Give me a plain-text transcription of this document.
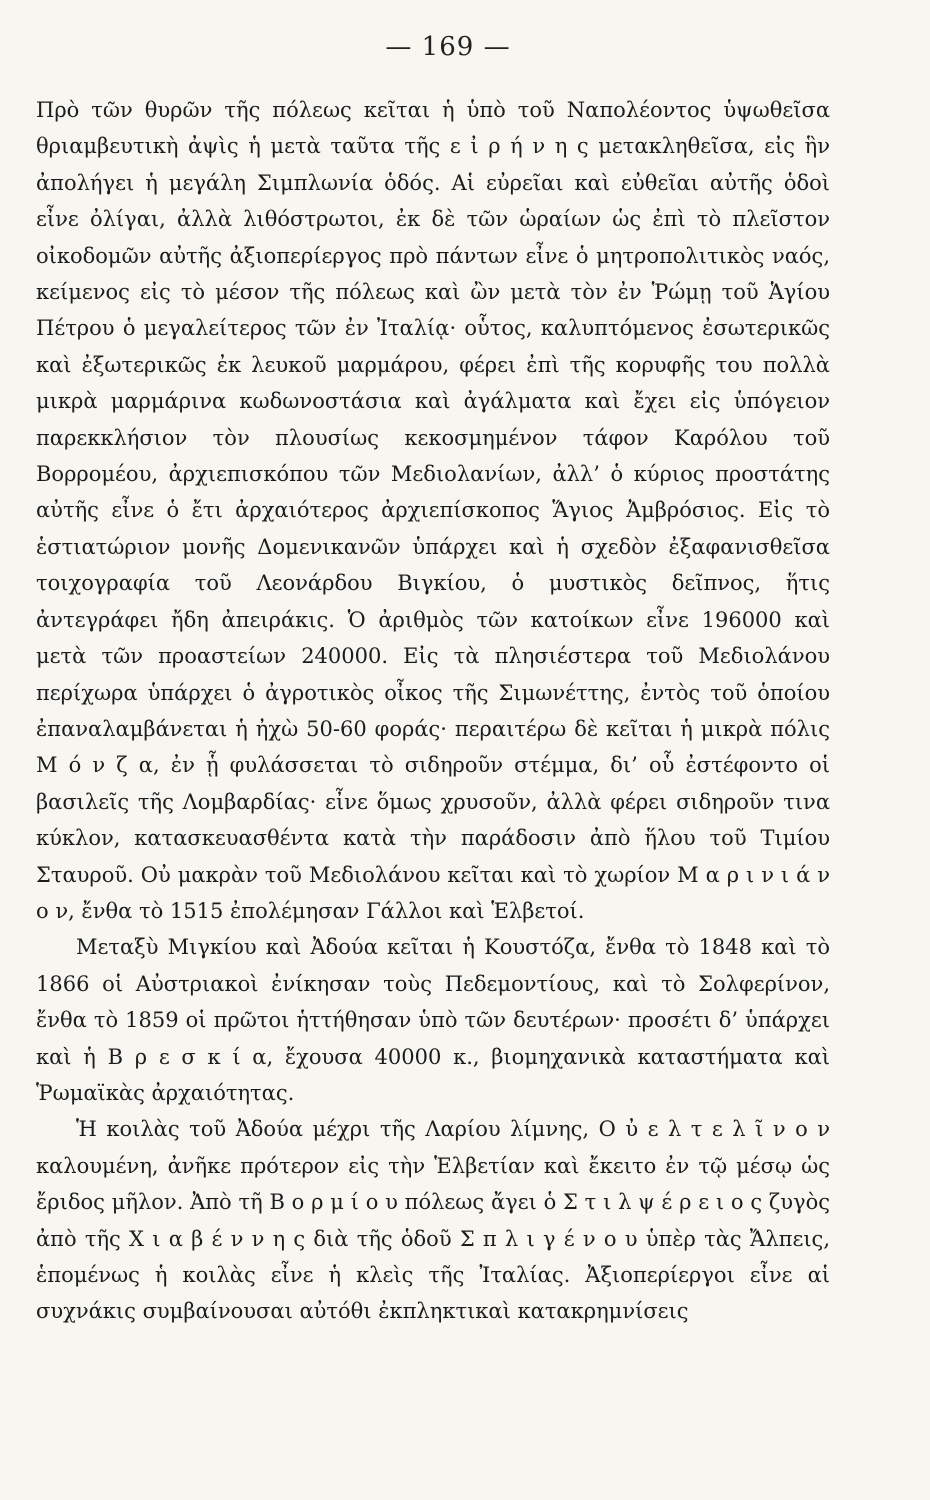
— 169 —

Πρὸ τῶν θυρῶν τῆς πόλεως κεῖται ἡ ὑπὸ τοῦ Ναπολέοντος ὑψωθεῖσα θριαμβευτικὴ ἀψὶς ἡ μετὰ ταῦτα τῆς ε ἰ ρ ή ν η ς μετακληθεῖσα, εἰς ἣν ἀπολήγει ἡ μεγάλη Σιμπλωνία ὁδός. Αἱ εὐρεῖαι καὶ εὐθεῖαι αὐτῆς ὁδοὶ εἶνε ὀλίγαι, ἀλλὰ λιθόστρωτοι, ἐκ δὲ τῶν ὡραίων ὡς ἐπὶ τὸ πλεῖστον οἰκοδομῶν αὐτῆς ἀξιοπερίεργος πρὸ πάντων εἶνε ὁ μητροπολιτικὸς ναός, κείμενος εἰς τὸ μέσον τῆς πόλεως καὶ ὢν μετὰ τὸν ἐν Ῥώμῃ τοῦ Ἁγίου Πέτρου ὁ μεγαλείτερος τῶν ἐν Ἰταλίᾳ· οὗτος, καλυπτόμενος ἐσωτερικῶς καὶ ἐξωτερικῶς ἐκ λευκοῦ μαρμάρου, φέρει ἐπὶ τῆς κορυφῆς του πολλὰ μικρὰ μαρμάρινα κωδωνοστάσια καὶ ἀγάλματα καὶ ἔχει εἰς ὑπόγειον παρεκκλήσιον τὸν πλουσίως κεκοσμημένον τάφον Καρόλου τοῦ Βορρομέου, ἀρχιεπισκόπου τῶν Μεδιολανίων, ἀλλ’ ὁ κύριος προστάτης αὐτῆς εἶνε ὁ ἔτι ἀρχαιότερος ἀρχιεπίσκοπος Ἅγιος Ἀμβρόσιος. Εἰς τὸ ἑστιατώριον μονῆς Δομενικανῶν ὑπάρχει καὶ ἡ σχεδὸν ἐξαφανισθεῖσα τοιχογραφία τοῦ Λεονάρδου Βιγκίου, ὁ μυστικὸς δεῖπνος, ἥτις ἀντεγράφει ἤδη ἀπειράκις. Ὁ ἀριθμὸς τῶν κατοίκων εἶνε 196000 καὶ μετὰ τῶν προαστείων 240000. Εἰς τὰ πλησιέστερα τοῦ Μεδιολάνου περίχωρα ὑπάρχει ὁ ἀγροτικὸς οἶκος τῆς Σιμωνέττης, ἐντὸς τοῦ ὁποίου ἐπαναλαμβάνεται ἡ ἠχὼ 50-60 φοράς· περαιτέρω δὲ κεῖται ἡ μικρὰ πόλις Μ ό ν ζ α, ἐν ᾗ φυλάσσεται τὸ σιδηροῦν στέμμα, δι’ οὗ ἐστέφοντο οἱ βασιλεῖς τῆς Λομβαρδίας· εἶνε ὅμως χρυσοῦν, ἀλλὰ φέρει σιδηροῦν τινα κύκλον, κατασκευασθέντα κατὰ τὴν παράδοσιν ἀπὸ ἥλου τοῦ Τιμίου Σταυροῦ. Οὐ μακρὰν τοῦ Μεδιολάνου κεῖται καὶ τὸ χωρίον Μ α ρ ι ν ι ά ν ο ν, ἔνθα τὸ 1515 ἐπολέμησαν Γάλλοι καὶ Ἑλβετοί.

Μεταξὺ Μιγκίου καὶ Ἀδούα κεῖται ἡ Κουστόζα, ἔνθα τὸ 1848 καὶ τὸ 1866 οἱ Αὐστριακοὶ ἐνίκησαν τοὺς Πεδεμοντίους, καὶ τὸ Σολφερίνον, ἔνθα τὸ 1859 οἱ πρῶτοι ἡττήθησαν ὑπὸ τῶν δευτέρων· προσέτι δ’ ὑπάρχει καὶ ἡ Β ρ ε σ κ ί α, ἔχουσα 40000 κ., βιομηχανικὰ καταστήματα καὶ Ῥωμαϊκὰς ἀρχαιότητας.

Ἡ κοιλὰς τοῦ Ἀδούα μέχρι τῆς Λαρίου λίμνης, Ο ὐ ε λ τ ε λ ῖ ν ο ν καλουμένη, ἀνῆκε πρότερον εἰς τὴν Ἑλβετίαν καὶ ἔκειτο ἐν τῷ μέσῳ ὡς ἔριδος μῆλον. Ἀπὸ τῆ Β ο ρ μ ί ο υ πόλεως ἄγει ὁ Σ τ ι λ ψ έ ρ ε ι ο ς ζυγὸς ἀπὸ τῆς Χ ι α β έ ν ν η ς διὰ τῆς ὁδοῦ Σ π λ ι γ έ ν ο υ ὑπὲρ τὰς Ἄλπεις, ἑπομένως ἡ κοιλὰς εἶνε ἡ κλεὶς τῆς Ἰταλίας. Ἀξιοπερίεργοι εἶνε αἱ συχνάκις συμβαίνουσαι αὐτόθι ἐκπληκτικαὶ κατακρημνίσεις
